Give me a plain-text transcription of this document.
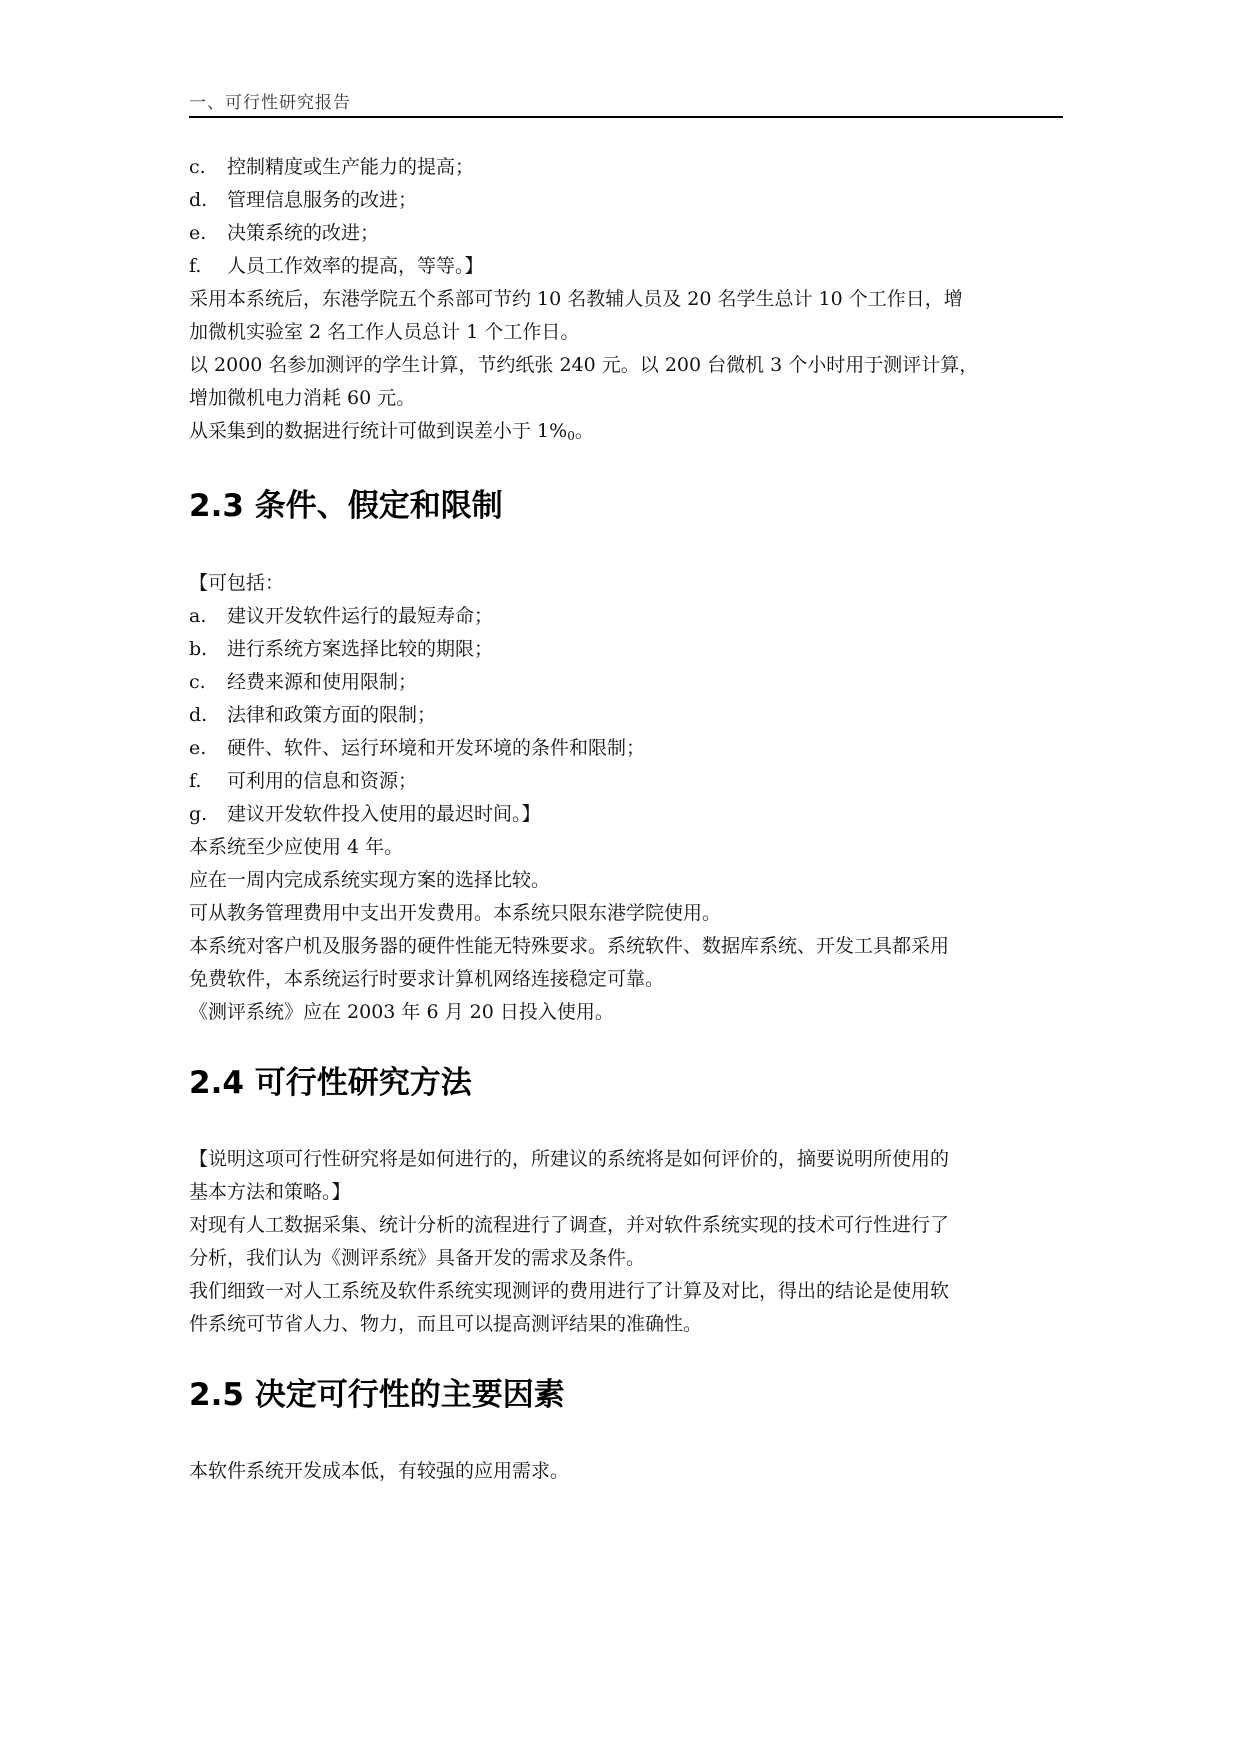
一、可行性研究报告
c.	控制精度或生产能力的提高；
d.	管理信息服务的改进；
e.	决策系统的改进；
f.	人员工作效率的提高，等等。】
采用本系统后，东港学院五个系部可节约 10 名教辅人员及 20 名学生总计 10 个工作日，增
加微机实验室 2 名工作人员总计 1 个工作日。
以 2000 名参加测评的学生计算，节约纸张 240 元。以 200 台微机 3 个小时用于测评计算，
增加微机电力消耗 60 元。
从采集到的数据进行统计可做到误差小于 $1\%_0$。
2.3 条件、假定和限制
【可包括：
a.	建议开发软件运行的最短寿命；
b.	进行系统方案选择比较的期限；
c.	经费来源和使用限制；
d.	法律和政策方面的限制；
e.	硬件、软件、运行环境和开发环境的条件和限制；
f.	可利用的信息和资源；
g.	建议开发软件投入使用的最迟时间。】
本系统至少应使用 4 年。
应在一周内完成系统实现方案的选择比较。
可从教务管理费用中支出开发费用。本系统只限东港学院使用。
本系统对客户机及服务器的硬件性能无特殊要求。系统软件、数据库系统、开发工具都采用
免费软件，本系统运行时要求计算机网络连接稳定可靠。
《测评系统》应在 2003 年 6 月 20 日投入使用。
2.4 可行性研究方法
【说明这项可行性研究将是如何进行的，所建议的系统将是如何评价的，摘要说明所使用的
基本方法和策略。】
对现有人工数据采集、统计分析的流程进行了调查，并对软件系统实现的技术可行性进行了
分析，我们认为《测评系统》具备开发的需求及条件。
我们细致一对人工系统及软件系统实现测评的费用进行了计算及对比，得出的结论是使用软
件系统可节省人力、物力，而且可以提高测评结果的准确性。
2.5 决定可行性的主要因素
本软件系统开发成本低，有较强的应用需求。
